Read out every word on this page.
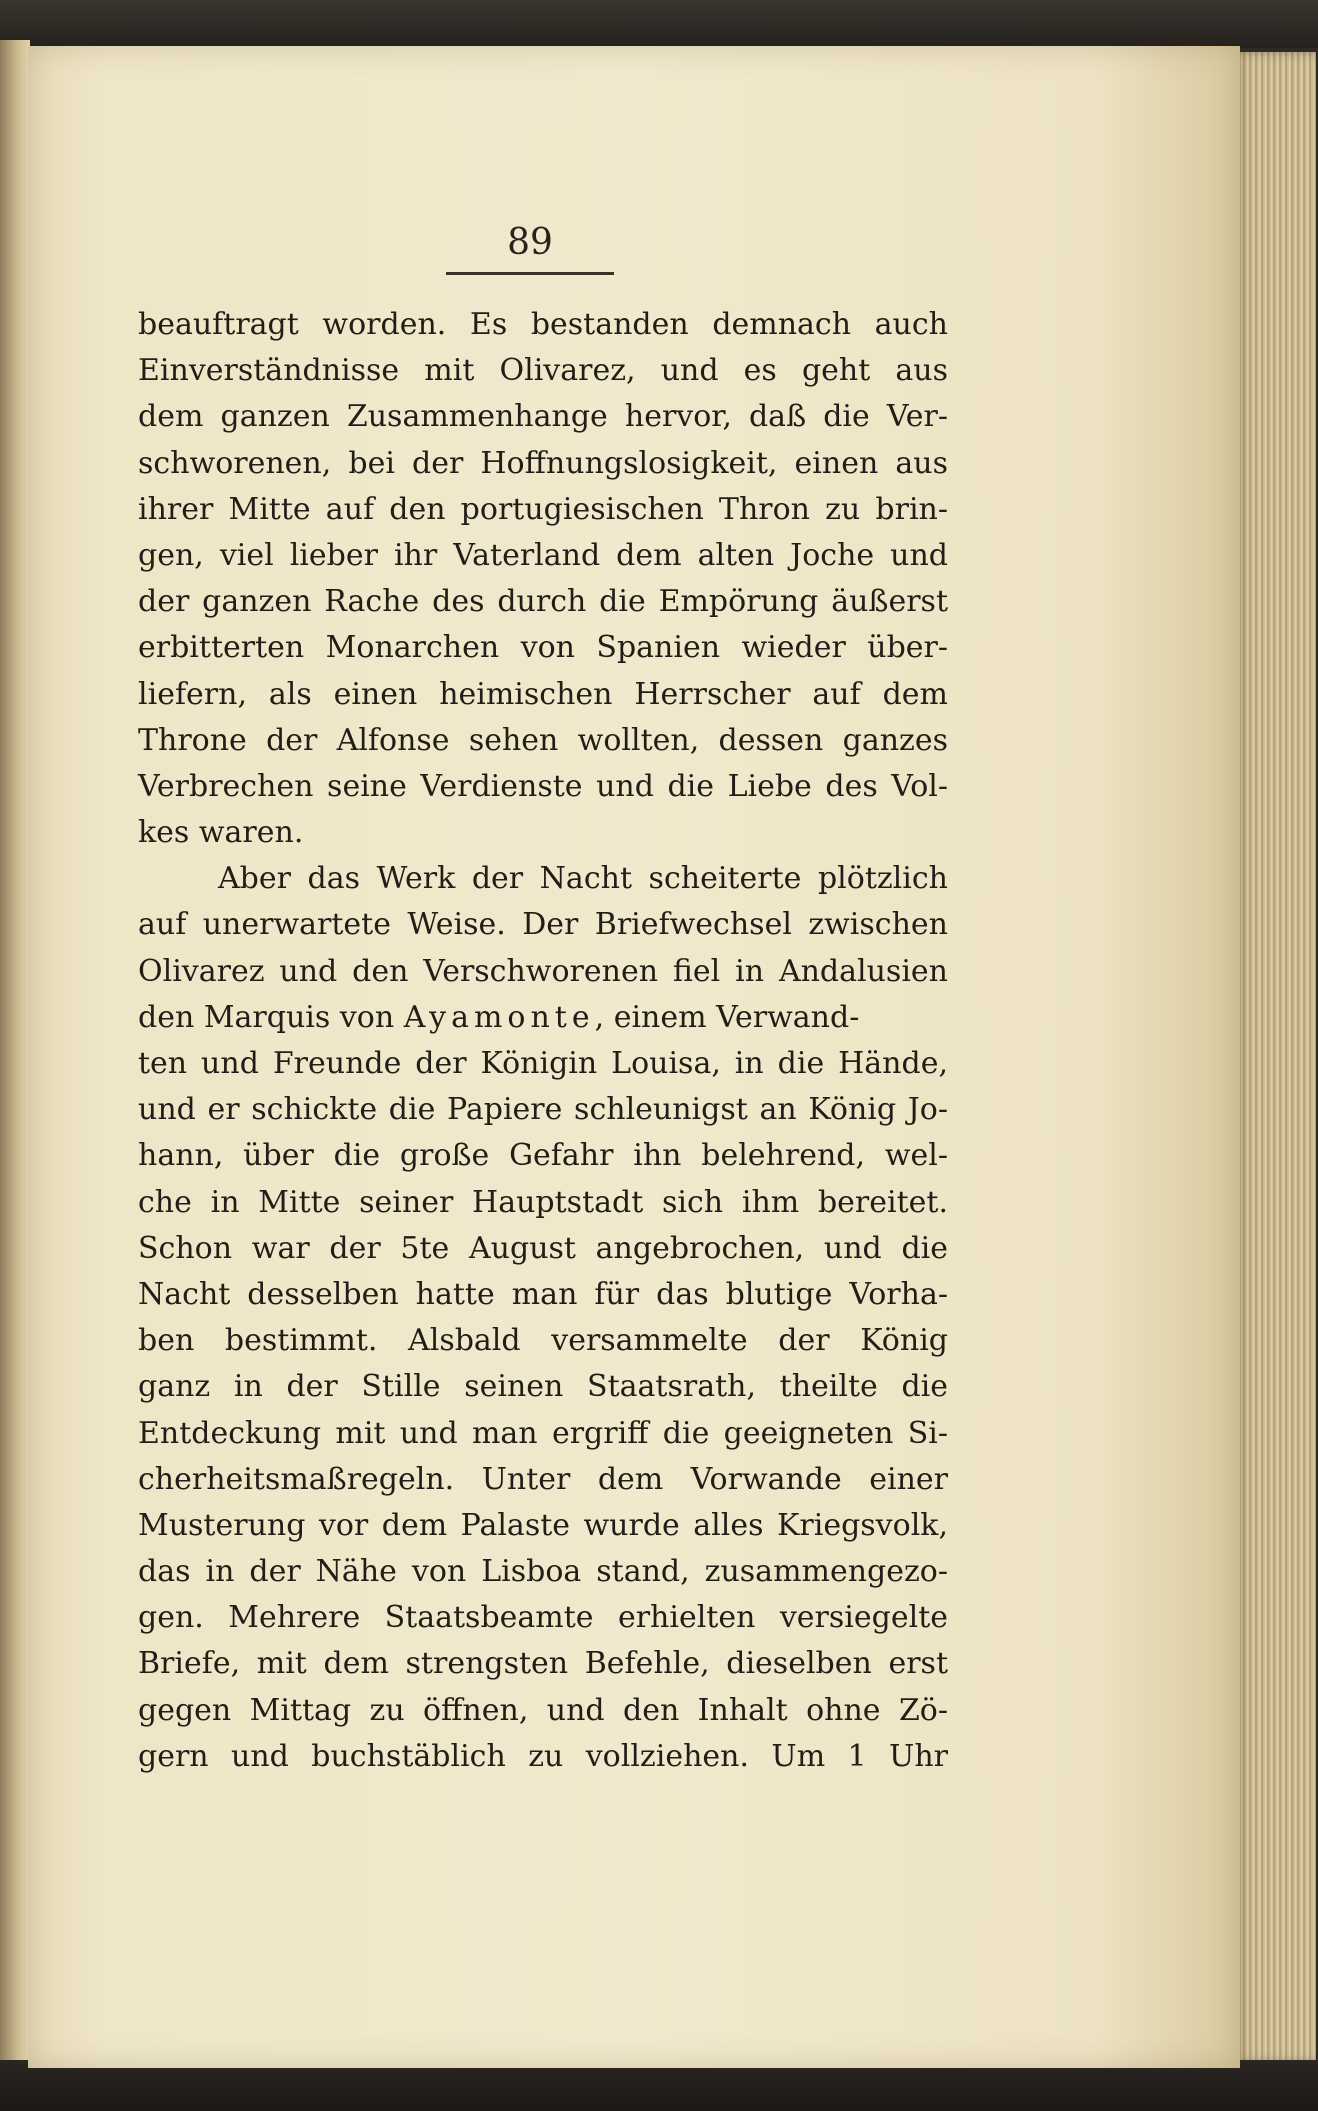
89
beauftragt worden. Es bestanden demnach auch
Einverständnisse mit Olivarez, und es geht aus
dem ganzen Zusammenhange hervor, daß die Ver-
schworenen, bei der Hoffnungslosigkeit, einen aus
ihrer Mitte auf den portugiesischen Thron zu brin-
gen, viel lieber ihr Vaterland dem alten Joche und
der ganzen Rache des durch die Empörung äußerst
erbitterten Monarchen von Spanien wieder über-
liefern, als einen heimischen Herrscher auf dem
Throne der Alfonse sehen wollten, dessen ganzes
Verbrechen seine Verdienste und die Liebe des Vol-
kes waren.
Aber das Werk der Nacht scheiterte plötzlich
auf unerwartete Weise. Der Briefwechsel zwischen
Olivarez und den Verschworenen fiel in Andalusien
den Marquis von Ayamonte, einem Verwand-
ten und Freunde der Königin Louisa, in die Hände,
und er schickte die Papiere schleunigst an König Jo-
hann, über die große Gefahr ihn belehrend, wel-
che in Mitte seiner Hauptstadt sich ihm bereitet.
Schon war der 5te August angebrochen, und die
Nacht desselben hatte man für das blutige Vorha-
ben bestimmt. Alsbald versammelte der König
ganz in der Stille seinen Staatsrath, theilte die
Entdeckung mit und man ergriff die geeigneten Si-
cherheitsmaßregeln. Unter dem Vorwande einer
Musterung vor dem Palaste wurde alles Kriegsvolk,
das in der Nähe von Lisboa stand, zusammengezo-
gen. Mehrere Staatsbeamte erhielten versiegelte
Briefe, mit dem strengsten Befehle, dieselben erst
gegen Mittag zu öffnen, und den Inhalt ohne Zö-
gern und buchstäblich zu vollziehen. Um 1 Uhr
